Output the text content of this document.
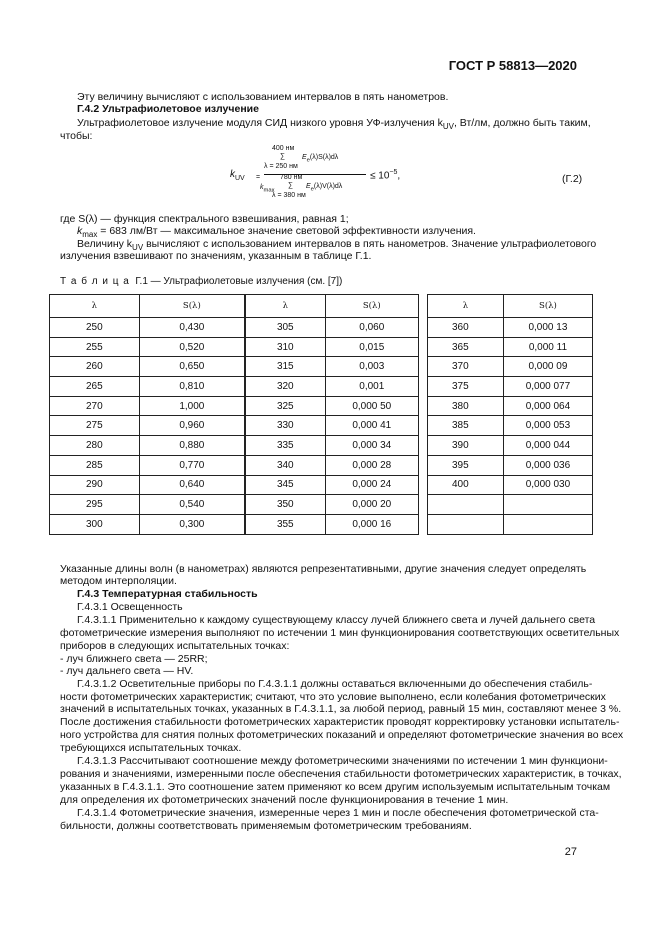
ГОСТ Р 58813—2020
Эту величину вычисляют с использованием интервалов в пять нанометров.
Г.4.2 Ультрафиолетовое излучение
Ультрафиолетовое излучение модуля СИД низкого уровня УФ-излучения $k_{UV}$, Вт/лм, должно быть таким,
чтобы:
$k_{UV}$ =
400 нм
∑ $E_e(\lambda)S(\lambda)d\lambda$
λ = 250 нм
780 нм
$k_{max}$
∑ $E_e(\lambda)V(\lambda)d\lambda$
λ = 380 нм
≤ $10^{-5}$,	(Г.2)
где S(λ) — функция спектрального взвешивания, равная 1;
$k_{max} = 683$ лм/Вт — максимальное значение световой эффективности излучения.
Величину $k_{UV}$ вычисляют с использованием интервалов в пять нанометров. Значение ультрафиолетового
излучения взвешивают по значениям, указанным в таблице Г.1.
Т а б л и ц а Г.1 — Ультрафиолетовые излучения (см. [7])
λ	S(λ)
250	0,430
255	0,520
260	0,650
265	0,810
270	1,000
275	0,960
280	0,880
285	0,770
290	0,640
295	0,540
300	0,300
λ	S(λ)
305	0,060
310	0,015
315	0,003
320	0,001
325	0,000 50
330	0,000 41
335	0,000 34
340	0,000 28
345	0,000 24
350	0,000 20
355	0,000 16
λ	S(λ)
360	0,000 13
365	0,000 11
370	0,000 09
375	0,000 077
380	0,000 064
385	0,000 053
390	0,000 044
395	0,000 036
400	0,000 030

Указанные длины волн (в нанометрах) являются репрезентативными, другие значения следует определять
методом интерполяции.
Г.4.3 Температурная стабильность
Г.4.3.1 Освещенность
Г.4.3.1.1 Применительно к каждому существующему классу лучей ближнего света и лучей дальнего света
фотометрические измерения выполняют по истечении 1 мин функционирования соответствующих осветительных
приборов в следующих испытательных точках:
- луч ближнего света — 25RR;
- луч дальнего света — HV.
Г.4.3.1.2 Осветительные приборы по Г.4.3.1.1 должны оставаться включенными до обеспечения стабиль-
ности фотометрических характеристик; считают, что это условие выполнено, если колебания фотометрических
значений в испытательных точках, указанных в Г.4.3.1.1, за любой период, равный 15 мин, составляют менее 3 %.
После достижения стабильности фотометрических характеристик проводят корректировку установки испытатель-
ного устройства для снятия полных фотометрических показаний и определяют фотометрические значения во всех
требующихся испытательных точках.
Г.4.3.1.3 Рассчитывают соотношение между фотометрическими значениями по истечении 1 мин функциони-
рования и значениями, измеренными после обеспечения стабильности фотометрических характеристик, в точках,
указанных в Г.4.3.1.1. Это соотношение затем применяют ко всем другим используемым испытательным точкам
для определения их фотометрических значений после функционирования в течение 1 мин.
Г.4.3.1.4 Фотометрические значения, измеренные через 1 мин и после обеспечения фотометрической ста-
бильности, должны соответствовать применяемым фотометрическим требованиям.
27
